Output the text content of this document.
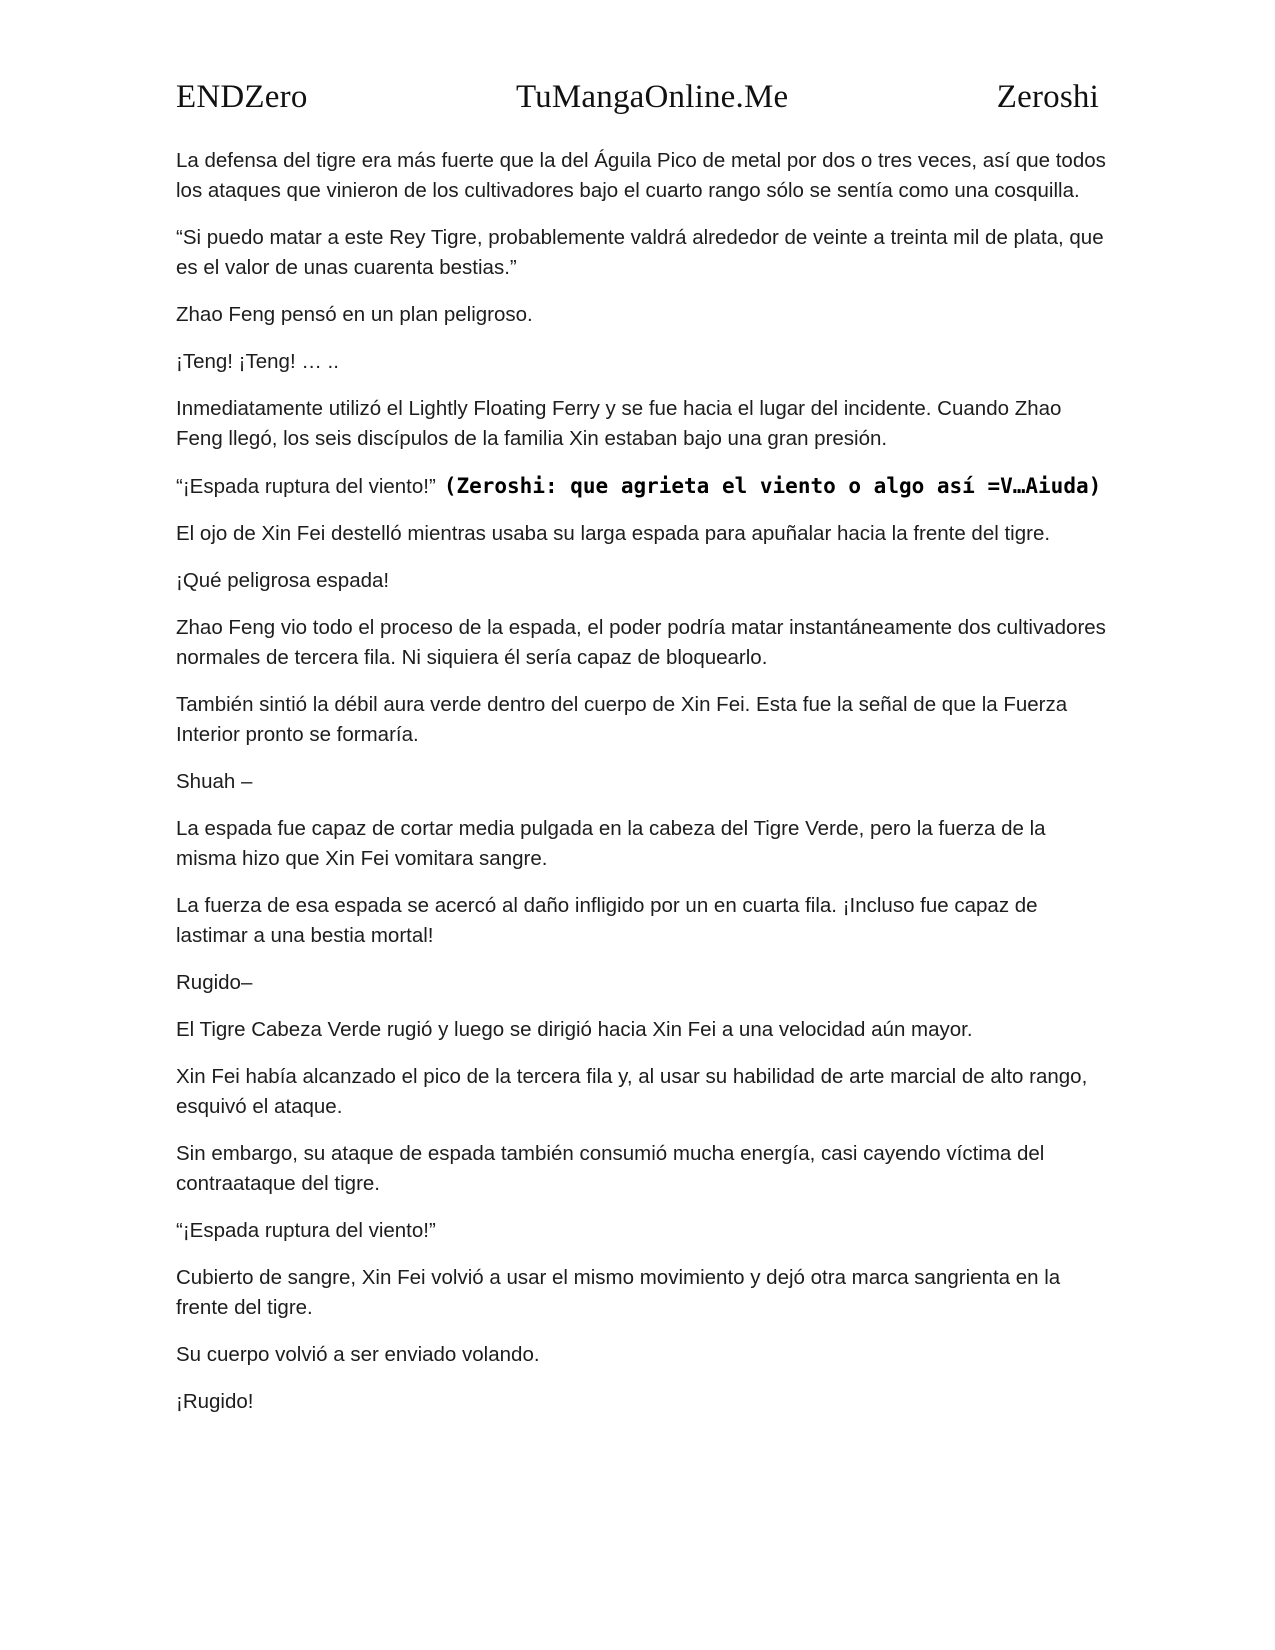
ENDZero	TuMangaOnline.Me	Zeroshi

La defensa del tigre era más fuerte que la del Águila Pico de metal por dos o tres veces, así que todos los ataques que vinieron de los cultivadores bajo el cuarto rango sólo se sentía como una cosquilla.

“Si puedo matar a este Rey Tigre, probablemente valdrá alrededor de veinte a treinta mil de plata, que es el valor de unas cuarenta bestias.”

Zhao Feng pensó en un plan peligroso.

¡Teng! ¡Teng! … ..

Inmediatamente utilizó el Lightly Floating Ferry y se fue hacia el lugar del incidente. Cuando Zhao Feng llegó, los seis discípulos de la familia Xin estaban bajo una gran presión.

“¡Espada ruptura del viento!” (Zeroshi: que agrieta el viento o algo así =V…Aiuda)

El ojo de Xin Fei destelló mientras usaba su larga espada para apuñalar hacia la frente del tigre.

¡Qué peligrosa espada!

Zhao Feng vio todo el proceso de la espada, el poder podría matar instantáneamente dos cultivadores normales de tercera fila. Ni siquiera él sería capaz de bloquearlo.

También sintió la débil aura verde dentro del cuerpo de Xin Fei. Esta fue la señal de que la Fuerza Interior pronto se formaría.

Shuah –

La espada fue capaz de cortar media pulgada en la cabeza del Tigre Verde, pero la fuerza de la misma hizo que Xin Fei vomitara sangre.

La fuerza de esa espada se acercó al daño infligido por un en cuarta fila. ¡Incluso fue capaz de lastimar a una bestia mortal!

Rugido–

El Tigre Cabeza Verde rugió y luego se dirigió hacia Xin Fei a una velocidad aún mayor.

Xin Fei había alcanzado el pico de la tercera fila y, al usar su habilidad de arte marcial de alto rango, esquivó el ataque.

Sin embargo, su ataque de espada también consumió mucha energía, casi cayendo víctima del contraataque del tigre.

“¡Espada ruptura del viento!”

Cubierto de sangre, Xin Fei volvió a usar el mismo movimiento y dejó otra marca sangrienta en la frente del tigre.

Su cuerpo volvió a ser enviado volando.

¡Rugido!
